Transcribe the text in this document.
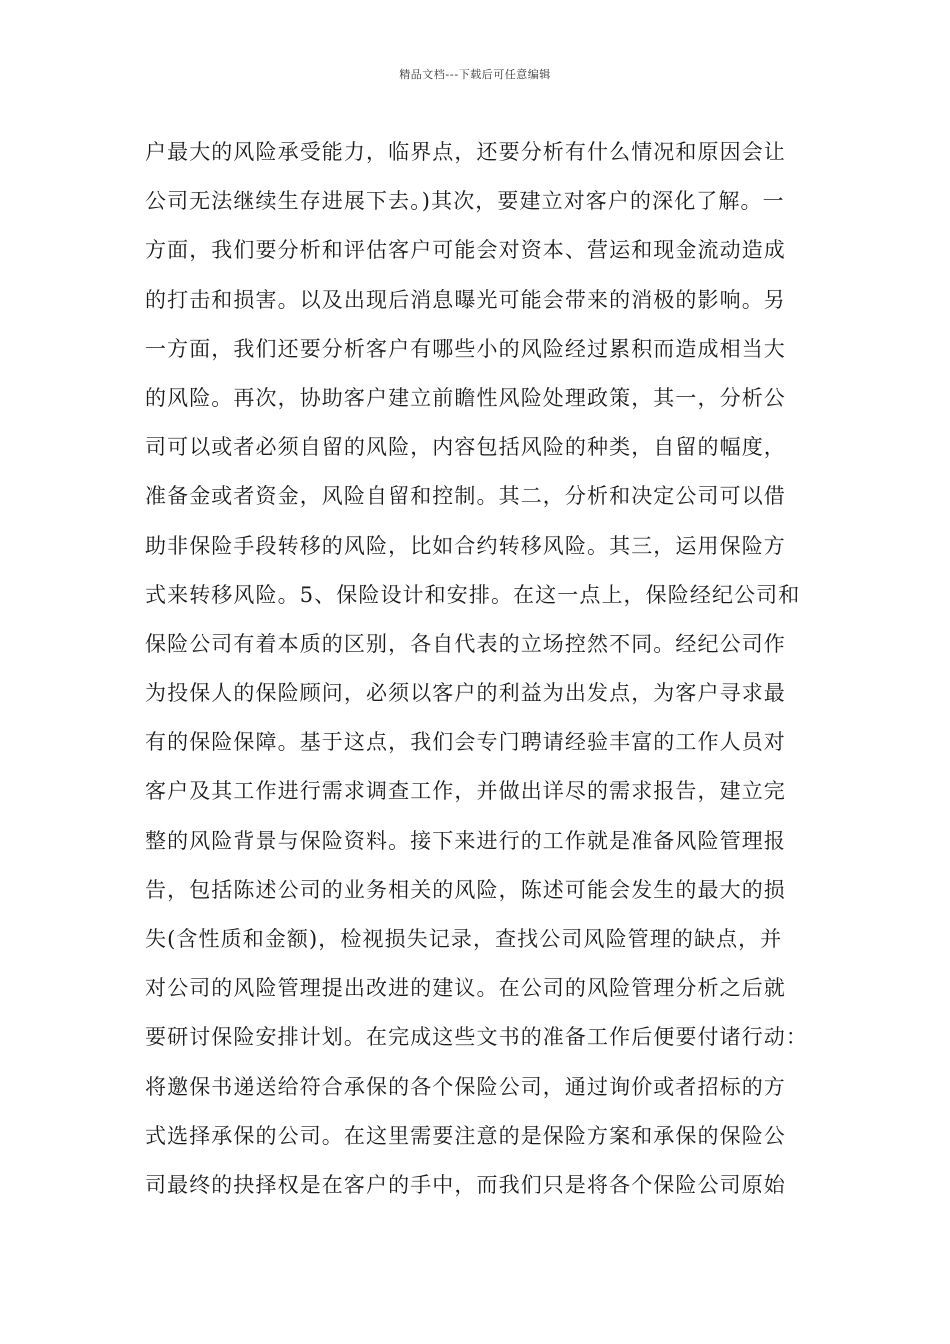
精品文档---下载后可任意编辑
户最大的风险承受能力，临界点，还要分析有什么情况和原因会让
公司无法继续生存进展下去。)其次，要建立对客户的深化了解。一
方面，我们要分析和评估客户可能会对资本、营运和现金流动造成
的打击和损害。以及出现后消息曝光可能会带来的消极的影响。另
一方面，我们还要分析客户有哪些小的风险经过累积而造成相当大
的风险。再次，协助客户建立前瞻性风险处理政策，其一，分析公
司可以或者必须自留的风险，内容包括风险的种类，自留的幅度，
准备金或者资金，风险自留和控制。其二，分析和决定公司可以借
助非保险手段转移的风险，比如合约转移风险。其三，运用保险方
式来转移风险。5、保险设计和安排。在这一点上，保险经纪公司和
保险公司有着本质的区别，各自代表的立场控然不同。经纪公司作
为投保人的保险顾问，必须以客户的利益为出发点，为客户寻求最
有的保险保障。基于这点，我们会专门聘请经验丰富的工作人员对
客户及其工作进行需求调查工作，并做出详尽的需求报告，建立完
整的风险背景与保险资料。接下来进行的工作就是准备风险管理报
告，包括陈述公司的业务相关的风险，陈述可能会发生的最大的损
失(含性质和金额)，检视损失记录，查找公司风险管理的缺点，并
对公司的风险管理提出改进的建议。在公司的风险管理分析之后就
要研讨保险安排计划。在完成这些文书的准备工作后便要付诸行动：
将邀保书递送给符合承保的各个保险公司，通过询价或者招标的方
式选择承保的公司。在这里需要注意的是保险方案和承保的保险公
司最终的抉择权是在客户的手中，而我们只是将各个保险公司原始
